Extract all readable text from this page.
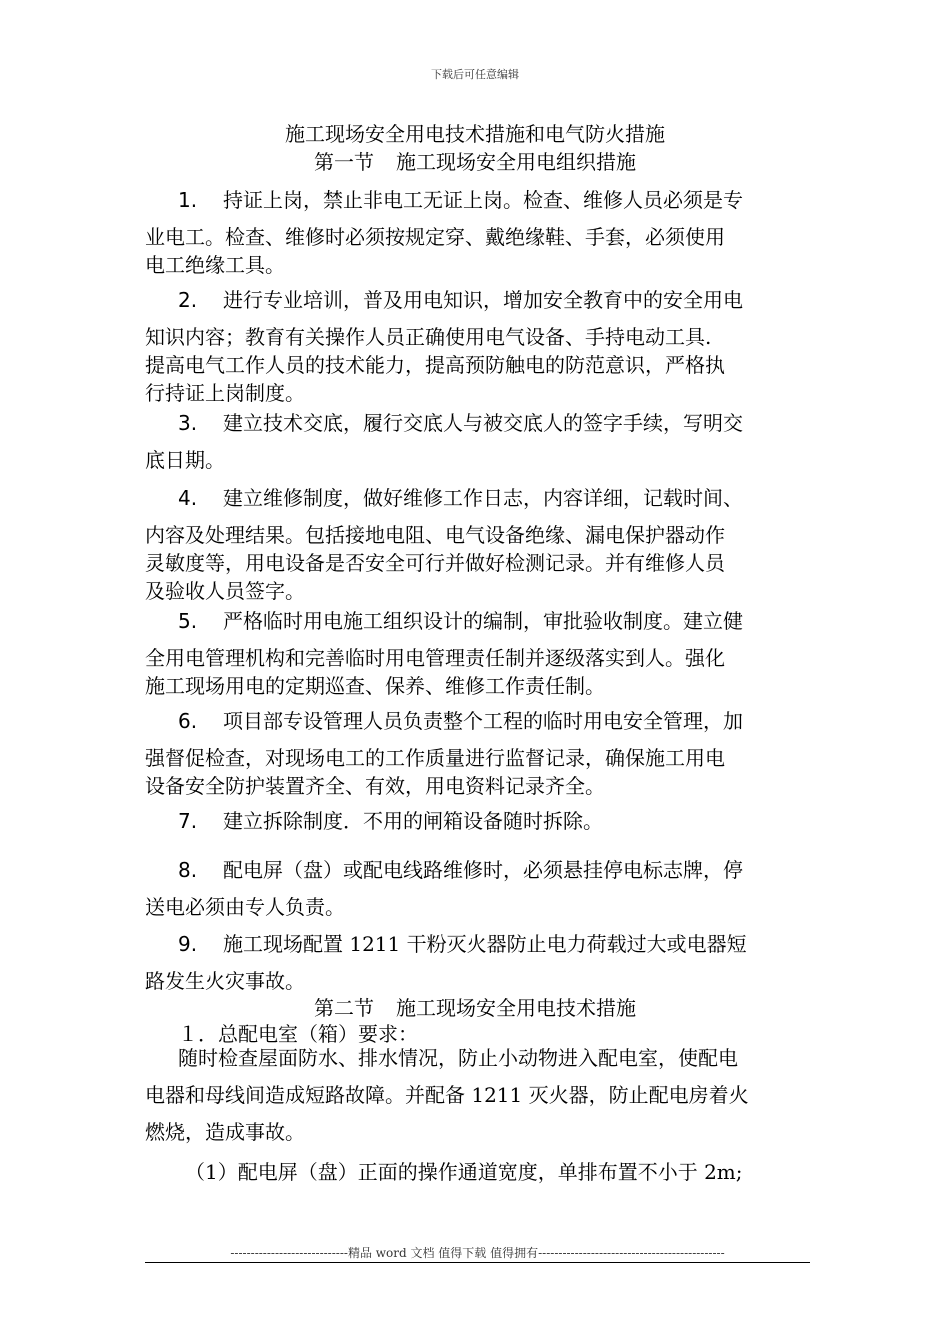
下载后可任意编辑
施工现场安全用电技术措施和电气防火措施
第一节 施工现场安全用电组织措施
1. 持证上岗，禁止非电工无证上岗。检查、维修人员必须是专
业电工。检查、维修时必须按规定穿、戴绝缘鞋、手套，必须使用
电工绝缘工具。
2. 进行专业培训，普及用电知识，增加安全教育中的安全用电
知识内容；教育有关操作人员正确使用电气设备、手持电动工具.
提高电气工作人员的技术能力，提高预防触电的防范意识，严格执
行持证上岗制度。
3. 建立技术交底，履行交底人与被交底人的签字手续，写明交
底日期。
4. 建立维修制度，做好维修工作日志，内容详细，记载时间、
内容及处理结果。包括接地电阻、电气设备绝缘、漏电保护器动作
灵敏度等，用电设备是否安全可行并做好检测记录。并有维修人员
及验收人员签字。
5. 严格临时用电施工组织设计的编制，审批验收制度。建立健
全用电管理机构和完善临时用电管理责任制并逐级落实到人。强化
施工现场用电的定期巡查、保养、维修工作责任制。
6. 项目部专设管理人员负责整个工程的临时用电安全管理，加
强督促检查，对现场电工的工作质量进行监督记录，确保施工用电
设备安全防护装置齐全、有效，用电资料记录齐全。
7. 建立拆除制度．不用的闸箱设备随时拆除。
8. 配电屏（盘）或配电线路维修时，必须悬挂停电标志牌，停
送电必须由专人负责。
9. 施工现场配置 1211 干粉灭火器防止电力荷载过大或电器短
路发生火灾事故。
第二节 施工现场安全用电技术措施
１．总配电室（箱）要求：
随时检查屋面防水、排水情况，防止小动物进入配电室，使配电
电器和母线间造成短路故障。并配备 1211 灭火器，防止配电房着火
燃烧，造成事故。
（1）配电屏（盘）正面的操作通道宽度，单排布置不小于 2m;
-----------------------------精品 word 文档 值得下载 值得拥有----------------------------------------------
